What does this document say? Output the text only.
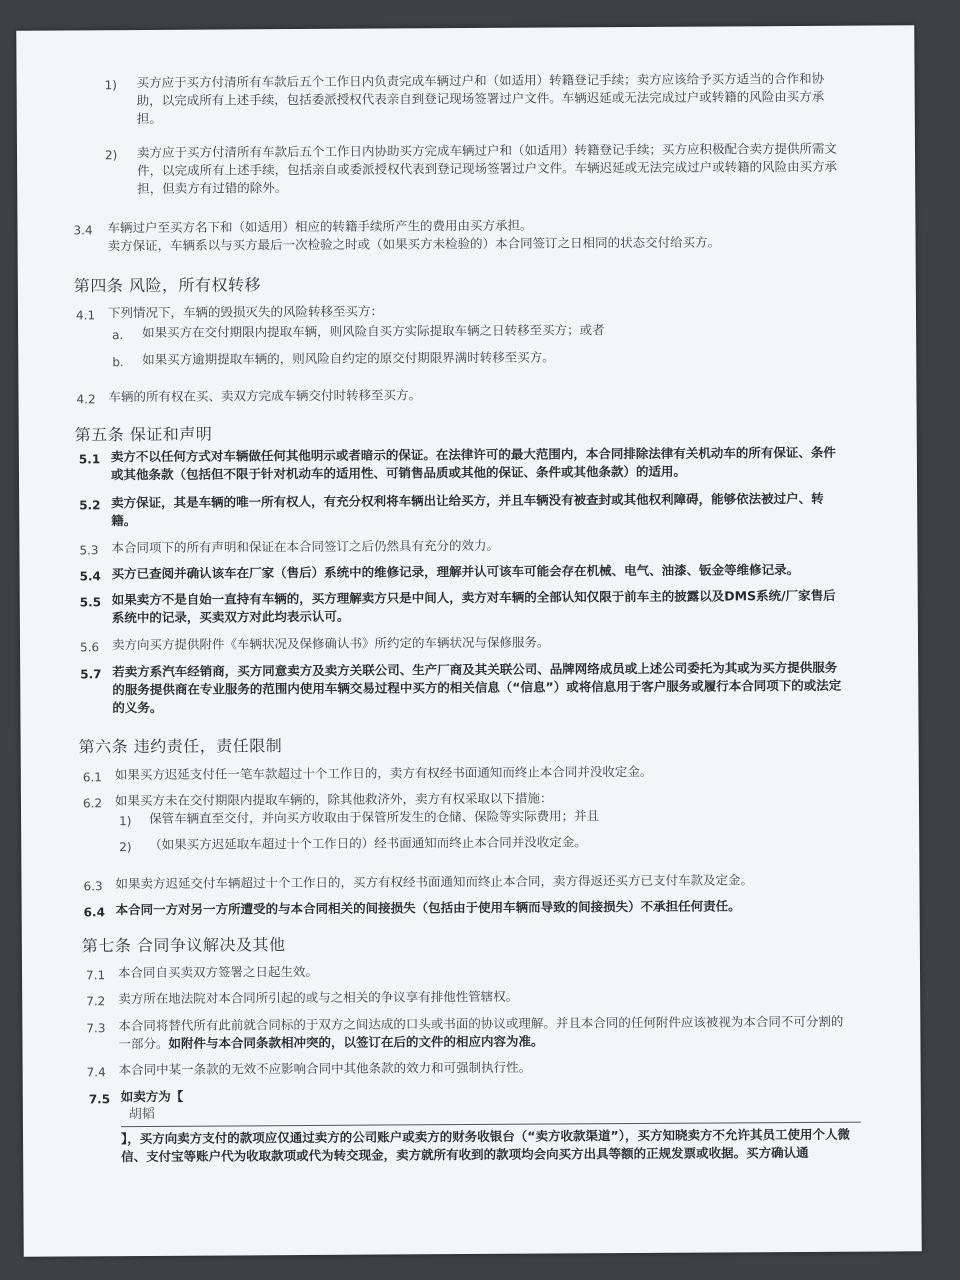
1) 买方应于买方付清所有车款后五个工作日内负责完成车辆过户和（如适用）转籍登记手续；卖方应该给予买方适当的合作和协助，以完成所有上述手续，包括委派授权代表亲自到登记现场签署过户文件。车辆迟延或无法完成过户或转籍的风险由买方承担。
2) 卖方应于买方付清所有车款后五个工作日内协助买方完成车辆过户和（如适用）转籍登记手续；买方应积极配合卖方提供所需文件，以完成所有上述手续，包括亲自或委派授权代表到登记现场签署过户文件。车辆迟延或无法完成过户或转籍的风险由买方承担，但卖方有过错的除外。
3.4 车辆过户至买方名下和（如适用）相应的转籍手续所产生的费用由买方承担。
卖方保证，车辆系以与买方最后一次检验之时或（如果买方未检验的）本合同签订之日相同的状态交付给买方。
第四条 风险，所有权转移
4.1 下列情况下，车辆的毁损灭失的风险转移至买方：
a. 如果买方在交付期限内提取车辆，则风险自买方实际提取车辆之日转移至买方；或者
b. 如果买方逾期提取车辆的，则风险自约定的原交付期限界满时转移至买方。
4.2 车辆的所有权在买、卖双方完成车辆交付时转移至买方。
第五条 保证和声明
5.1 卖方不以任何方式对车辆做任何其他明示或者暗示的保证。在法律许可的最大范围内，本合同排除法律有关机动车的所有保证、条件或其他条款（包括但不限于针对机动车的适用性、可销售品质或其他的保证、条件或其他条款）的适用。
5.2 卖方保证，其是车辆的唯一所有权人，有充分权利将车辆出让给买方，并且车辆没有被查封或其他权利障碍，能够依法被过户、转籍。
5.3 本合同项下的所有声明和保证在本合同签订之后仍然具有充分的效力。
5.4 买方已查阅并确认该车在厂家（售后）系统中的维修记录，理解并认可该车可能会存在机械、电气、油漆、钣金等维修记录。
5.5 如果卖方不是自始一直持有车辆的，买方理解卖方只是中间人，卖方对车辆的全部认知仅限于前车主的披露以及DMS系统/厂家售后系统中的记录，买卖双方对此均表示认可。
5.6 卖方向买方提供附件《车辆状况及保修确认书》所约定的车辆状况与保修服务。
5.7 若卖方系汽车经销商，买方同意卖方及卖方关联公司、生产厂商及其关联公司、品牌网络成员或上述公司委托为其或为买方提供服务的服务提供商在专业服务的范围内使用车辆交易过程中买方的相关信息（“信息”）或将信息用于客户服务或履行本合同项下的或法定的义务。
第六条 违约责任，责任限制
6.1 如果买方迟延支付任一笔车款超过十个工作日的，卖方有权经书面通知而终止本合同并没收定金。
6.2 如果买方未在交付期限内提取车辆的，除其他救济外，卖方有权采取以下措施：
1) 保管车辆直至交付，并向买方收取由于保管所发生的仓储、保险等实际费用；并且
2) （如果买方迟延取车超过十个工作日的）经书面通知而终止本合同并没收定金。
6.3 如果卖方迟延交付车辆超过十个工作日的，买方有权经书面通知而终止本合同，卖方得返还买方已支付车款及定金。
6.4 本合同一方对另一方所遭受的与本合同相关的间接损失（包括由于使用车辆而导致的间接损失）不承担任何责任。
第七条 合同争议解决及其他
7.1 本合同自买卖双方签署之日起生效。
7.2 卖方所在地法院对本合同所引起的或与之相关的争议享有排他性管辖权。
7.3 本合同将替代所有此前就合同标的于双方之间达成的口头或书面的协议或理解。并且本合同的任何附件应该被视为本合同不可分割的一部分。如附件与本合同条款相冲突的，以签订在后的文件的相应内容为准。
7.4 本合同中某一条款的无效不应影响合同中其他条款的效力和可强制执行性。
7.5 如卖方为【
胡韬
】，买方向卖方支付的款项应仅通过卖方的公司账户或卖方的财务收银台（“卖方收款渠道”），买方知晓卖方不允许其员工使用个人微信、支付宝等账户代为收取款项或代为转交现金，卖方就所有收到的款项均会向买方出具等额的正规发票或收据。买方确认通
